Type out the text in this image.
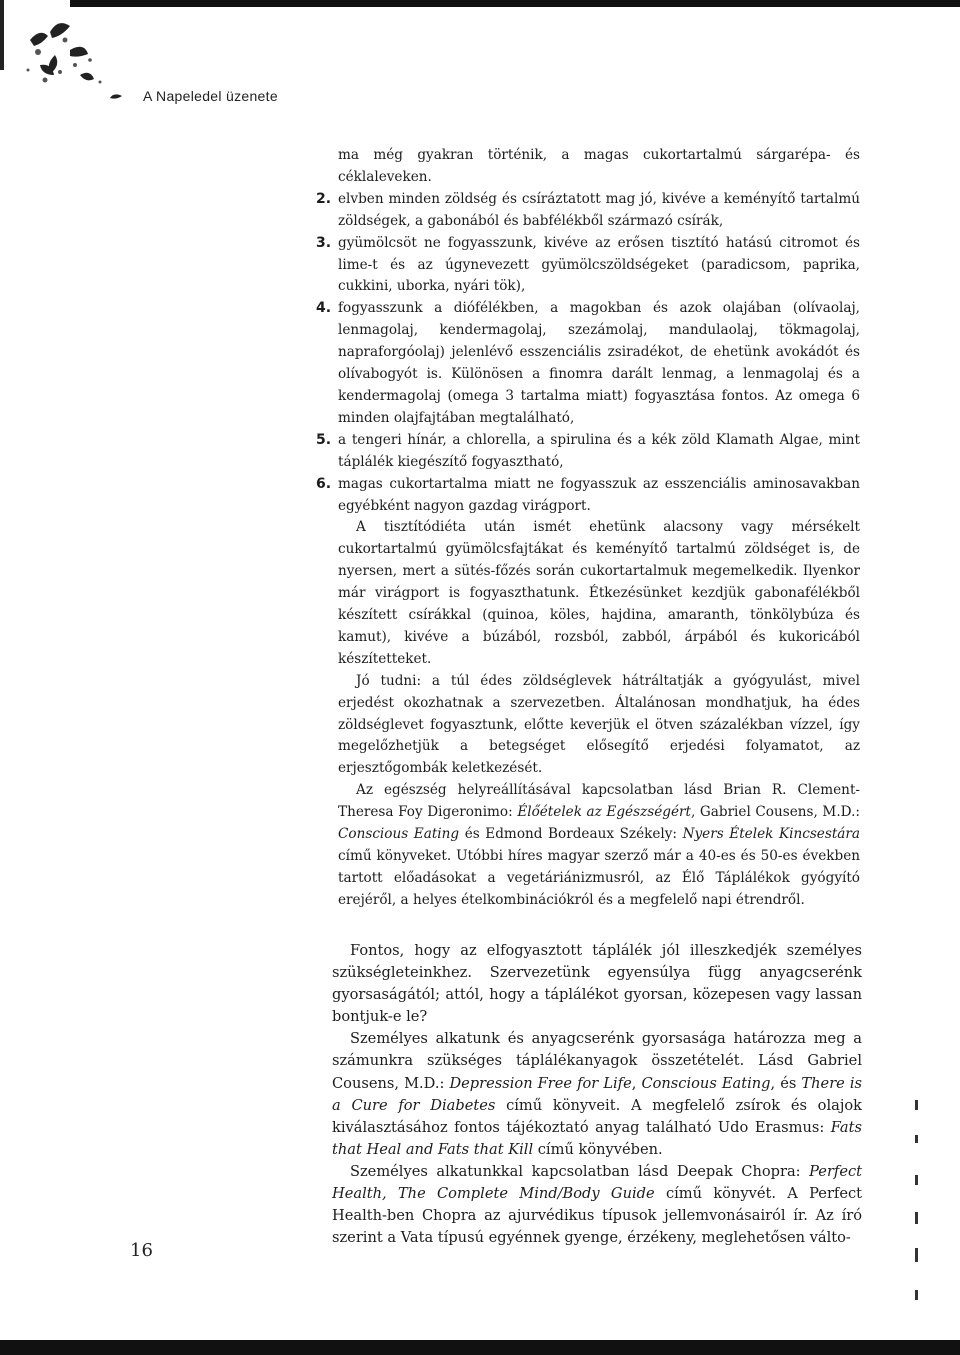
A Napeledel üzenete

ma még gyakran történik, a magas cukortartalmú sárgarépa- és céklaleveken.

2. elvben minden zöldség és csíráztatott mag jó, kivéve a keményítő tartalmú zöldségek, a gabonából és babfélékből származó csírák,
3. gyümölcsöt ne fogyasszunk, kivéve az erősen tisztító hatású citromot és lime-t és az úgynevezett gyümölcszöldségeket (paradicsom, paprika, cukkini, uborka, nyári tök),
4. fogyasszunk a diófélékben, a magokban és azok olajában (olívaolaj, lenmagolaj, kendermagolaj, szezámolaj, mandulaolaj, tökmagolaj, napraforgóolaj) jelenlévő esszenciális zsiradékot, de ehetünk avokádót és olívabogyót is. Különösen a finomra darált lenmag, a lenmagolaj és a kendermagolaj (omega 3 tartalma miatt) fogyasztása fontos. Az omega 6 minden olajfajtában megtalálható,
5. a tengeri hínár, a chlorella, a spirulina és a kék zöld Klamath Algae, mint táplálék kiegészítő fogyasztható,
6. magas cukortartalma miatt ne fogyasszuk az esszenciális aminosavakban egyébként nagyon gazdag virágport.

A tisztítódiéta után ismét ehetünk alacsony vagy mérsékelt cukortartalmú gyümölcsfajtákat és keményítő tartalmú zöldséget is, de nyersen, mert a sütés-főzés során cukortartalmuk megemelkedik. Ilyenkor már virágport is fogyaszthatunk. Étkezésünket kezdjük gabonafélékből készített csírákkal (quinoa, köles, hajdina, amaranth, tönkölybúza és kamut), kivéve a búzából, rozsból, zabból, árpából és kukoricából készítetteket.

Jó tudni: a túl édes zöldséglevek hátráltatják a gyógyulást, mivel erjedést okozhatnak a szervezetben. Általánosan mondhatjuk, ha édes zöldséglevet fogyasztunk, előtte keverjük el ötven százalékban vízzel, így megelőzhetjük a betegséget elősegítő erjedési folyamatot, az erjesztőgombák keletkezését.

Az egészség helyreállításával kapcsolatban lásd Brian R. Clement-Theresa Foy Digeronimo: Élőételek az Egészségért, Gabriel Cousens, M.D.: Conscious Eating és Edmond Bordeaux Székely: Nyers Ételek Kincsestára című könyveket. Utóbbi híres magyar szerző már a 40-es és 50-es években tartott előadásokat a vegetáriánizmusról, az Élő Táplálékok gyógyító erejéről, a helyes ételkombinációkról és a megfelelő napi étrendről.

Fontos, hogy az elfogyasztott táplálék jól illeszkedjék személyes szükségleteinkhez. Szervezetünk egyensúlya függ anyagcserénk gyorsaságától; attól, hogy a táplálékot gyorsan, közepesen vagy lassan bontjuk-e le?

Személyes alkatunk és anyagcserénk gyorsasága határozza meg a számunkra szükséges táplálékanyagok összetételét. Lásd Gabriel Cousens, M.D.: Depression Free for Life, Conscious Eating, és There is a Cure for Diabetes című könyveit. A megfelelő zsírok és olajok kiválasztásához fontos tájékoztató anyag található Udo Erasmus: Fats that Heal and Fats that Kill című könyvében.

Személyes alkatunkkal kapcsolatban lásd Deepak Chopra: Perfect Health, The Complete Mind/Body Guide című könyvét. A Perfect Health-ben Chopra az ajurvédikus típusok jellemvonásairól ír. Az író szerint a Vata típusú egyénnek gyenge, érzékeny, meglehetősen válto-

16
